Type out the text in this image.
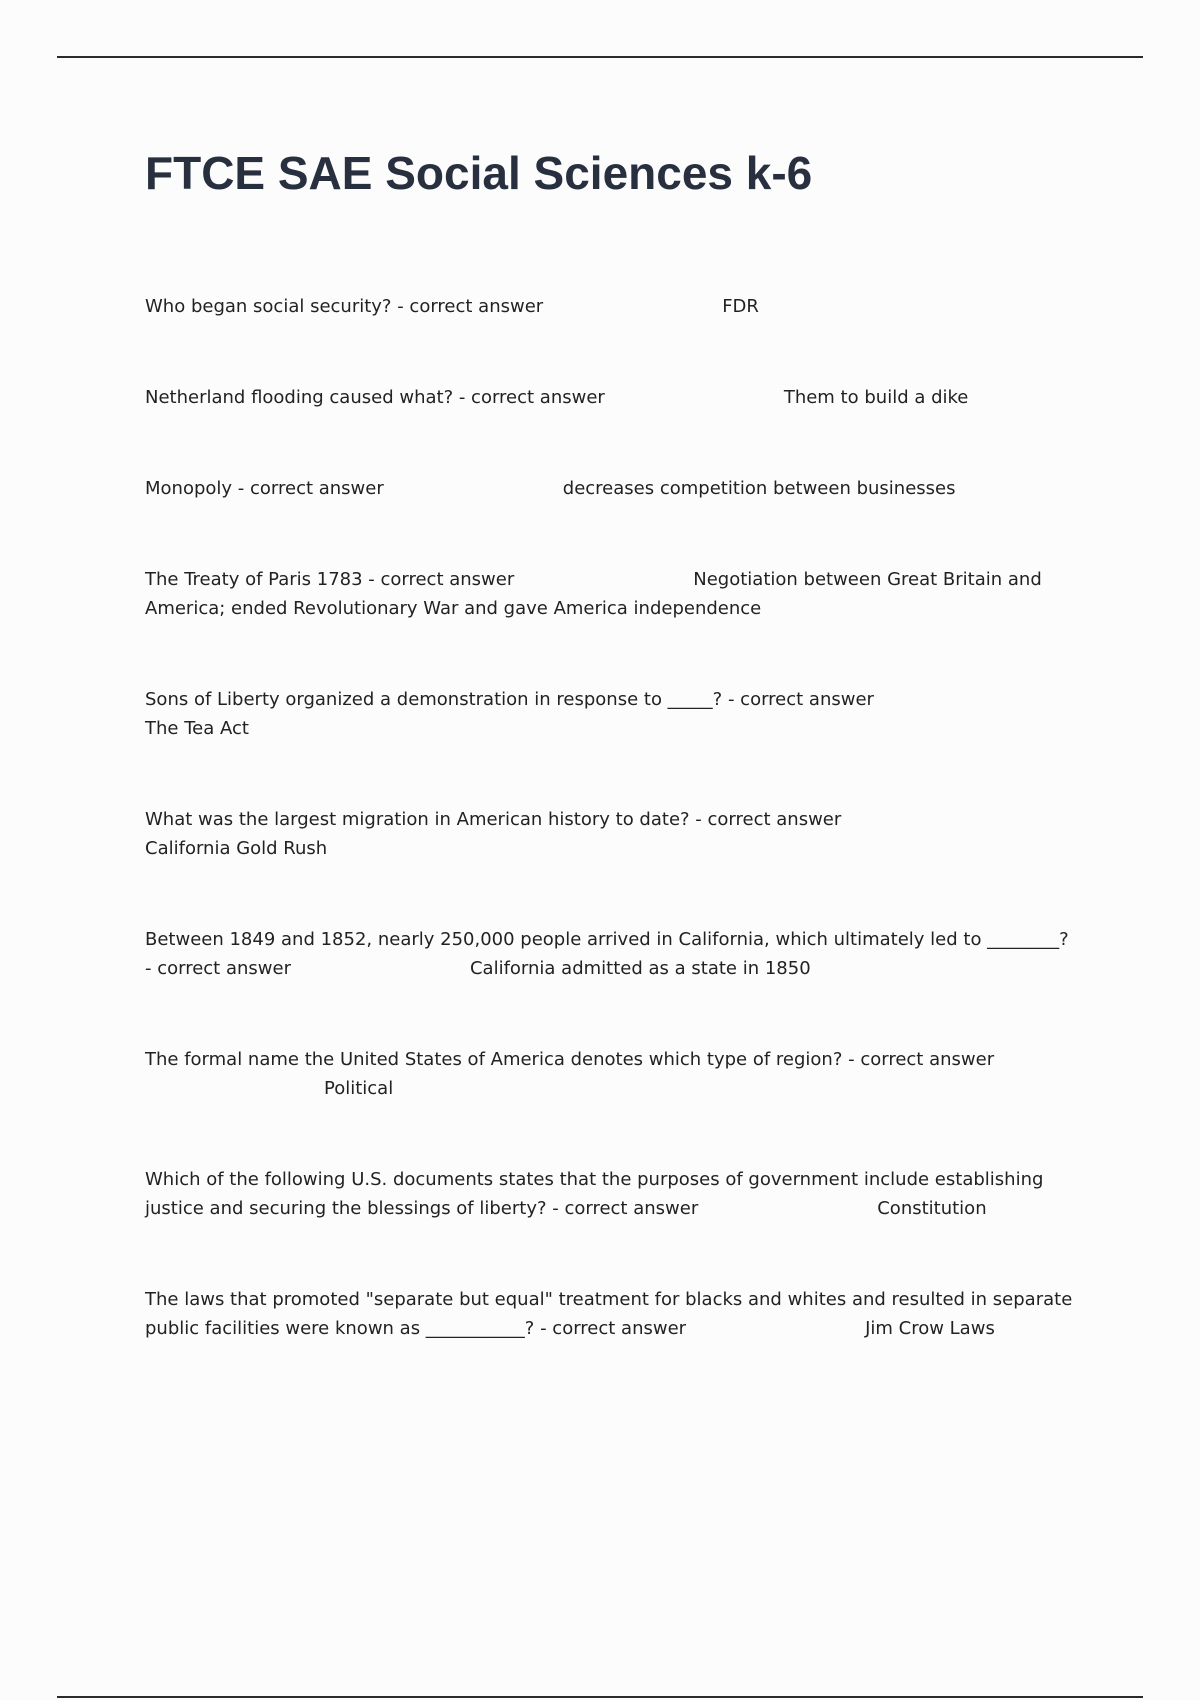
FTCE SAE Social Sciences k-6
Who began social security? - correct answer	FDR
Netherland flooding caused what? - correct answer	Them to build a dike
Monopoly - correct answer	decreases competition between businesses
The Treaty of Paris 1783 - correct answer	Negotiation between Great Britain and America; ended Revolutionary War and gave America independence
Sons of Liberty organized a demonstration in response to _____? - correct answerThe Tea Act
What was the largest migration in American history to date? - correct answerCalifornia Gold Rush
Between 1849 and 1852, nearly 250,000 people arrived in California, which ultimately led to ________? - correct answer	California admitted as a state in 1850
The formal name the United States of America denotes which type of region? - correct answerPolitical
Which of the following U.S. documents states that the purposes of government include establishing justice and securing the blessings of liberty? - correct answer	Constitution
The laws that promoted "separate but equal" treatment for blacks and whites and resulted in separate public facilities were known as ___________? - correct answer	Jim Crow Laws
